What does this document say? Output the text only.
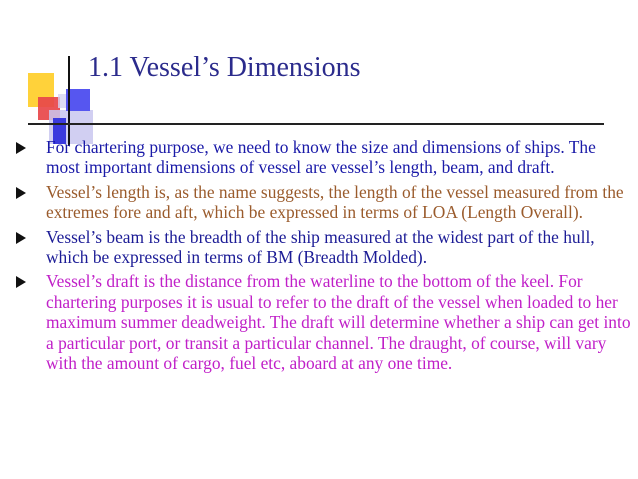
1.1 Vessel’s Dimensions
For chartering purpose, we need to know the size and dimensions of ships. The most important dimensions of vessel are vessel’s length, beam, and draft.
Vessel’s length is, as the name suggests, the length of the vessel measured from the extremes fore and aft, which be expressed in terms of LOA (Length Overall).
Vessel’s beam is the breadth of the ship measured at the widest part of the hull, which be expressed in terms of BM (Breadth Molded).
Vessel’s draft is the distance from the waterline to the bottom of the keel. For chartering purposes it is usual to refer to the draft of the vessel when loaded to her maximum summer deadweight. The draft will determine whether a ship can get into a particular port, or transit a particular channel. The draught, of course, will vary with the amount of cargo, fuel etc, aboard at any one time.
